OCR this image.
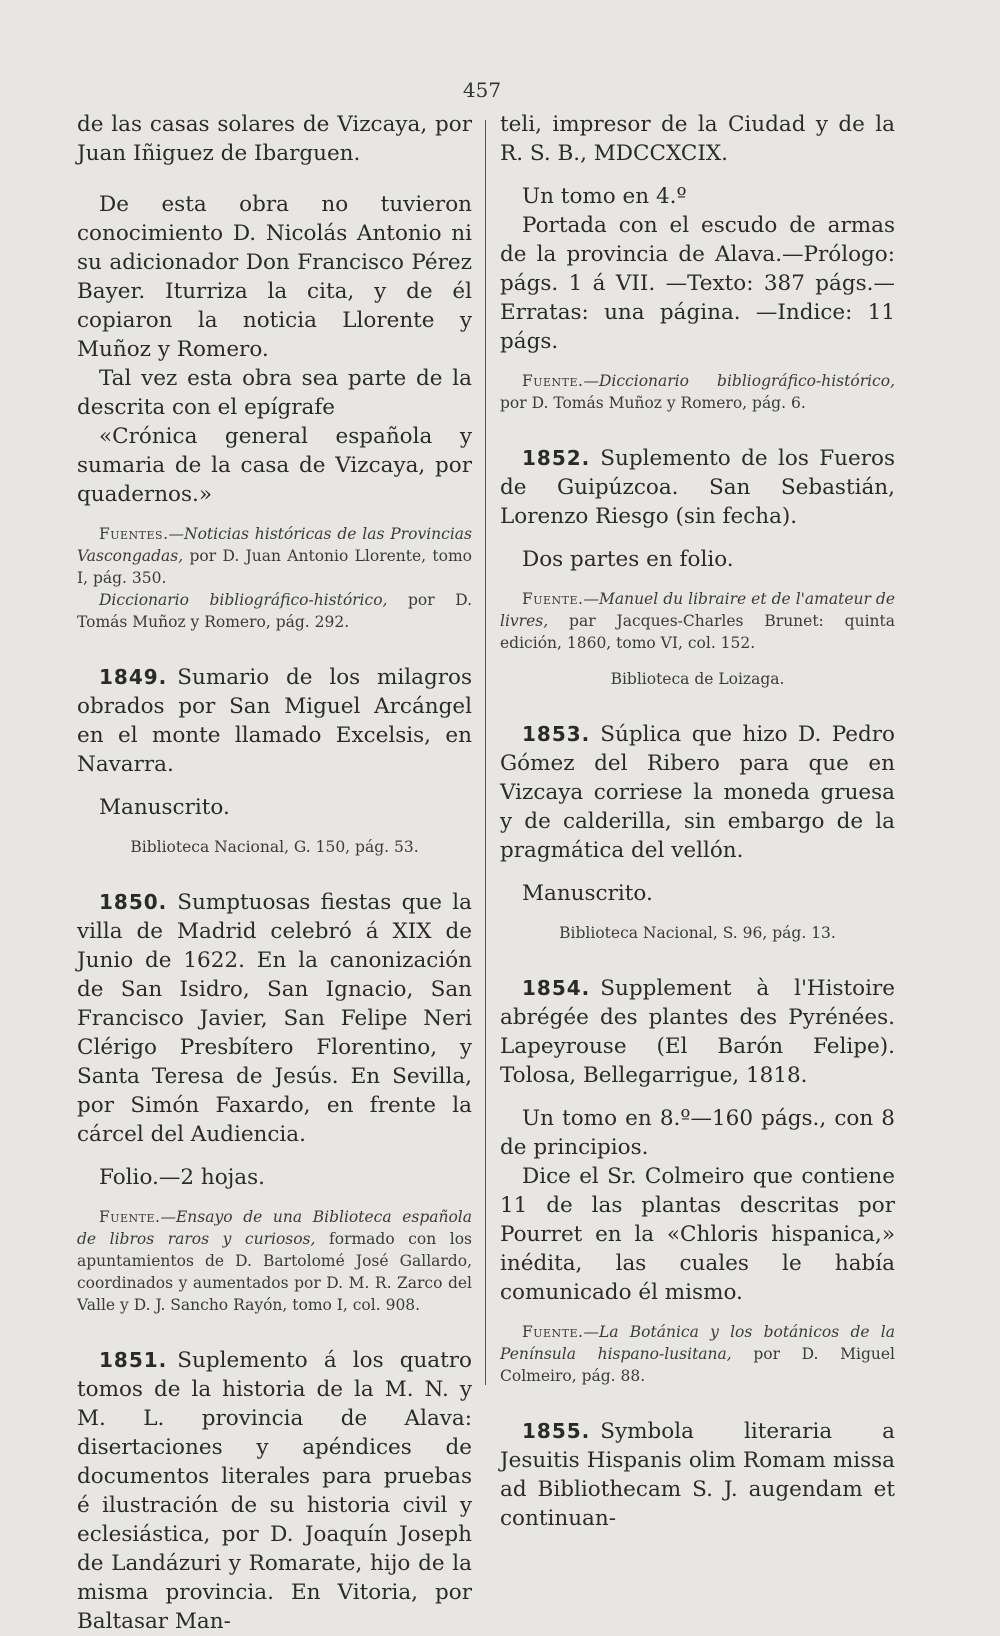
457

de las casas solares de Vizcaya, por Juan Iñiguez de Ibarguen.

De esta obra no tuvieron conocimiento D. Nicolás Antonio ni su adicionador Don Francisco Pérez Bayer. Iturriza la cita, y de él copiaron la noticia Llorente y Muñoz y Romero.

Tal vez esta obra sea parte de la descrita con el epígrafe

«Crónica general española y sumaria de la casa de Vizcaya, por quadernos.»

Fuentes.—Noticias históricas de las Provincias Vascongadas, por D. Juan Antonio Llorente, tomo I, pág. 350.

Diccionario bibliográfico-histórico, por D. Tomás Muñoz y Romero, pág. 292.

1849. Sumario de los milagros obrados por San Miguel Arcángel en el monte llamado Excelsis, en Navarra.

Manuscrito.

Biblioteca Nacional, G. 150, pág. 53.

1850. Sumptuosas fiestas que la villa de Madrid celebró á XIX de Junio de 1622. En la canonización de San Isidro, San Ignacio, San Francisco Javier, San Felipe Neri Clérigo Presbítero Florentino, y Santa Teresa de Jesús. En Sevilla, por Simón Faxardo, en frente la cárcel del Audiencia.

Folio.—2 hojas.

Fuente.—Ensayo de una Biblioteca española de libros raros y curiosos, formado con los apuntamientos de D. Bartolomé José Gallardo, coordinados y aumentados por D. M. R. Zarco del Valle y D. J. Sancho Rayón, tomo I, col. 908.

1851. Suplemento á los quatro tomos de la historia de la M. N. y M. L. provincia de Alava: disertaciones y apéndices de documentos literales para pruebas é ilustración de su historia civil y eclesiástica, por D. Joaquín Joseph de Landázuri y Romarate, hijo de la misma provincia. En Vitoria, por Baltasar Man-

teli, impresor de la Ciudad y de la R. S. B., MDCCXCIX.

Un tomo en 4.º

Portada con el escudo de armas de la provincia de Alava.—Prólogo: págs. 1 á VII. —Texto: 387 págs.—Erratas: una página. —Indice: 11 págs.

Fuente.—Diccionario bibliográfico-histórico, por D. Tomás Muñoz y Romero, pág. 6.

1852. Suplemento de los Fueros de Guipúzcoa. San Sebastián, Lorenzo Riesgo (sin fecha).

Dos partes en folio.

Fuente.—Manuel du libraire et de l'amateur de livres, par Jacques-Charles Brunet: quinta edición, 1860, tomo VI, col. 152.

Biblioteca de Loizaga.

1853. Súplica que hizo D. Pedro Gómez del Ribero para que en Vizcaya corriese la moneda gruesa y de calderilla, sin embargo de la pragmática del vellón.

Manuscrito.

Biblioteca Nacional, S. 96, pág. 13.

1854. Supplement à l'Histoire abrégée des plantes des Pyrénées. Lapeyrouse (El Barón Felipe). Tolosa, Bellegarrigue, 1818.

Un tomo en 8.º—160 págs., con 8 de principios.

Dice el Sr. Colmeiro que contiene 11 de las plantas descritas por Pourret en la «Chloris hispanica,» inédita, las cuales le había comunicado él mismo.

Fuente.—La Botánica y los botánicos de la Península hispano-lusitana, por D. Miguel Colmeiro, pág. 88.

1855. Symbola literaria a Jesuitis Hispanis olim Romam missa ad Bibliothecam S. J. augendam et continuan-
